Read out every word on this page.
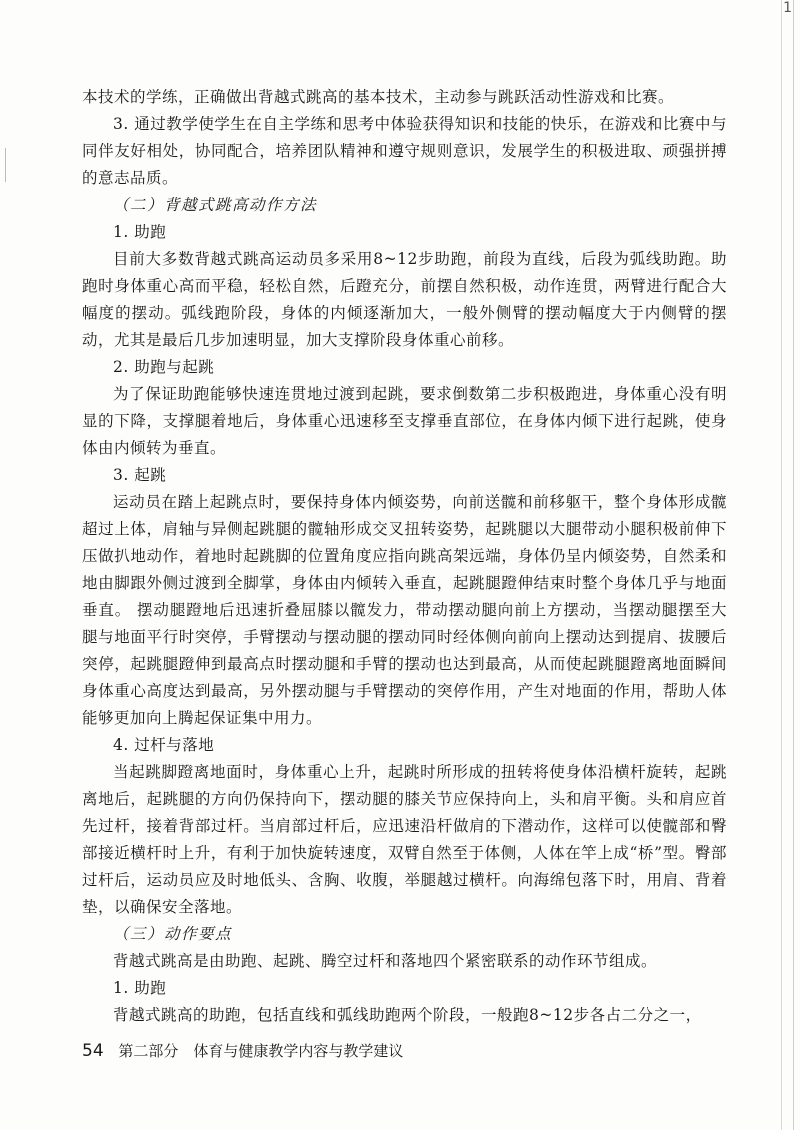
1

本技术的学练，正确做出背越式跳高的基本技术，主动参与跳跃活动性游戏和比赛。

3. 通过教学使学生在自主学练和思考中体验获得知识和技能的快乐，在游戏和比赛中与同伴友好相处，协同配合，培养团队精神和遵守规则意识，发展学生的积极进取、顽强拼搏的意志品质。

（二）背越式跳高动作方法

1. 助跑

目前大多数背越式跳高运动员多采用8~12步助跑，前段为直线，后段为弧线助跑。助跑时身体重心高而平稳，轻松自然，后蹬充分，前摆自然积极，动作连贯，两臂进行配合大幅度的摆动。弧线跑阶段，身体的内倾逐渐加大，一般外侧臂的摆动幅度大于内侧臂的摆动，尤其是最后几步加速明显，加大支撑阶段身体重心前移。

2. 助跑与起跳

为了保证助跑能够快速连贯地过渡到起跳，要求倒数第二步积极跑进，身体重心没有明显的下降，支撑腿着地后，身体重心迅速移至支撑垂直部位，在身体内倾下进行起跳，使身体由内倾转为垂直。

3. 起跳

运动员在踏上起跳点时，要保持身体内倾姿势，向前送髋和前移躯干，整个身体形成髋超过上体，肩轴与异侧起跳腿的髋轴形成交叉扭转姿势，起跳腿以大腿带动小腿积极前伸下压做扒地动作，着地时起跳脚的位置角度应指向跳高架远端，身体仍呈内倾姿势，自然柔和地由脚跟外侧过渡到全脚掌，身体由内倾转入垂直，起跳腿蹬伸结束时整个身体几乎与地面垂直。 摆动腿蹬地后迅速折叠屈膝以髋发力，带动摆动腿向前上方摆动，当摆动腿摆至大腿与地面平行时突停，手臂摆动与摆动腿的摆动同时经体侧向前向上摆动达到提肩、拔腰后突停，起跳腿蹬伸到最高点时摆动腿和手臂的摆动也达到最高，从而使起跳腿蹬离地面瞬间身体重心高度达到最高，另外摆动腿与手臂摆动的突停作用，产生对地面的作用，帮助人体能够更加向上腾起保证集中用力。

4. 过杆与落地

当起跳脚蹬离地面时，身体重心上升，起跳时所形成的扭转将使身体沿横杆旋转，起跳离地后，起跳腿的方向仍保持向下，摆动腿的膝关节应保持向上，头和肩平衡。头和肩应首先过杆，接着背部过杆。当肩部过杆后，应迅速沿杆做肩的下潜动作，这样可以使髋部和臀部接近横杆时上升，有利于加快旋转速度，双臂自然至于体侧，人体在竿上成“桥”型。臀部过杆后，运动员应及时地低头、含胸、收腹，举腿越过横杆。向海绵包落下时，用肩、背着垫，以确保安全落地。

（三）动作要点

背越式跳高是由助跑、起跳、腾空过杆和落地四个紧密联系的动作环节组成。

1. 助跑

背越式跳高的助跑，包括直线和弧线助跑两个阶段，一般跑8~12步各占二分之一，

54 第二部分　体育与健康教学内容与教学建议
